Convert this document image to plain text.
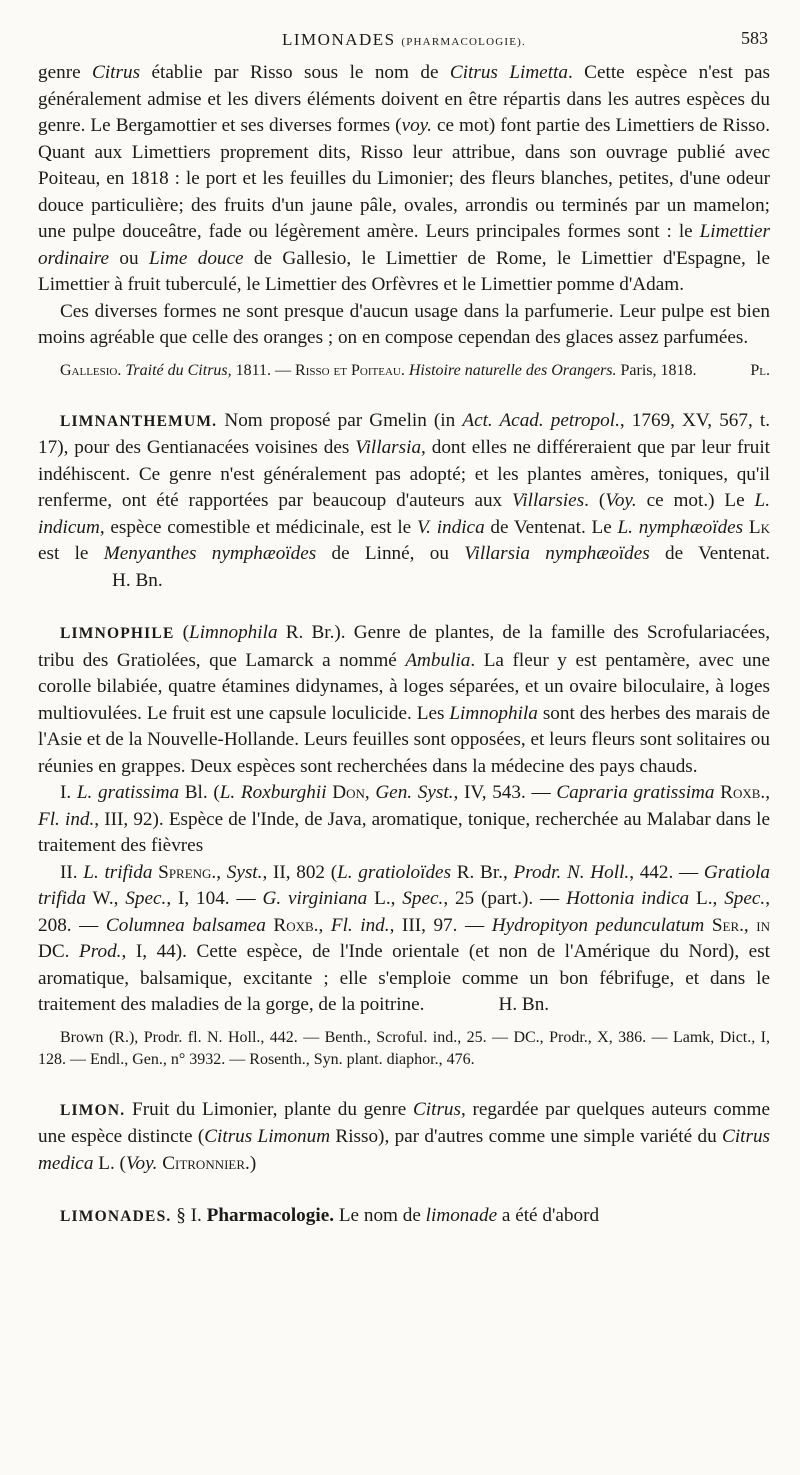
LIMONADES (PHARMACOLOGIE).	583

genre Citrus établie par Risso sous le nom de Citrus Limetta. Cette espèce n'est pas généralement admise et les divers éléments doivent en être répartis dans les autres espèces du genre. Le Bergamottier et ses diverses formes (voy. ce mot) font partie des Limettiers de Risso. Quant aux Limettiers proprement dits, Risso leur attribue, dans son ouvrage publié avec Poiteau, en 1818 : le port et les feuilles du Limonier; des fleurs blanches, petites, d'une odeur douce particulière; des fruits d'un jaune pâle, ovales, arrondis ou terminés par un mamelon; une pulpe douceâtre, fade ou légèrement amère. Leurs principales formes sont : le Limettier ordinaire ou Lime douce de Gallesio, le Limettier de Rome, le Limettier d'Espagne, le Limettier à fruit tuberculé, le Limettier des Orfèvres et le Limettier pomme d'Adam.

Ces diverses formes ne sont presque d'aucun usage dans la parfumerie. Leur pulpe est bien moins agréable que celle des oranges ; on en compose cependan des glaces assez parfumées.

Gallesio. Traité du Citrus, 1811. — Risso et Poiteau. Histoire naturelle des Orangers. Paris, 1818.	Pl.

LIMNANTHEMUM. Nom proposé par Gmelin (in Act. Acad. petropol., 1769, XV, 567, t. 17), pour des Gentianacées voisines des Villarsia, dont elles ne différeraient que par leur fruit indéhiscent. Ce genre n'est généralement pas adopté; et les plantes amères, toniques, qu'il renferme, ont été rapportées par beaucoup d'auteurs aux Villarsies. (Voy. ce mot.) Le L. indicum, espèce comestible et médicinale, est le V. indica de Ventenat. Le L. nymphæoïdes Lk est le Menyanthes nymphæoïdes de Linné, ou Villarsia nymphæoïdes de Ventenat.H. Bn.

LIMNOPHILE (Limnophila R. Br.). Genre de plantes, de la famille des Scrofulariacées, tribu des Gratiolées, que Lamarck a nommé Ambulia. La fleur y est pentamère, avec une corolle bilabiée, quatre étamines didynames, à loges séparées, et un ovaire biloculaire, à loges multiovulées. Le fruit est une capsule loculicide. Les Limnophila sont des herbes des marais de l'Asie et de la Nouvelle-Hollande. Leurs feuilles sont opposées, et leurs fleurs sont solitaires ou réunies en grappes. Deux espèces sont recherchées dans la médecine des pays chauds.

I. L. gratissima Bl. (L. Roxburghii Don, Gen. Syst., IV, 543. — Capraria gratissima Roxb., Fl. ind., III, 92). Espèce de l'Inde, de Java, aromatique, tonique, recherchée au Malabar dans le traitement des fièvres

II. L. trifida Spreng., Syst., II, 802 (L. gratioloïdes R. Br., Prodr. N. Holl., 442. — Gratiola trifida W., Spec., I, 104. — G. virginiana L., Spec., 25 (part.). — Hottonia indica L., Spec., 208. — Columnea balsamea Roxb., Fl. ind., III, 97. — Hydropityon pedunculatum Ser., in DC. Prod., I, 44). Cette espèce, de l'Inde orientale (et non de l'Amérique du Nord), est aromatique, balsamique, excitante ; elle s'emploie comme un bon fébrifuge, et dans le traitement des maladies de la gorge, de la poitrine.	H. Bn.

Brown (R.), Prodr. fl. N. Holl., 442. — Benth., Scroful. ind., 25. — DC., Prodr., X, 386. — Lamk, Dict., I, 128. — Endl., Gen., n° 3932. — Rosenth., Syn. plant. diaphor., 476.

LIMON. Fruit du Limonier, plante du genre Citrus, regardée par quelques auteurs comme une espèce distincte (Citrus Limonum Risso), par d'autres comme une simple variété du Citrus medica L. (Voy. Citronnier.)

LIMONADES. § I. Pharmacologie. Le nom de limonade a été d'abord
